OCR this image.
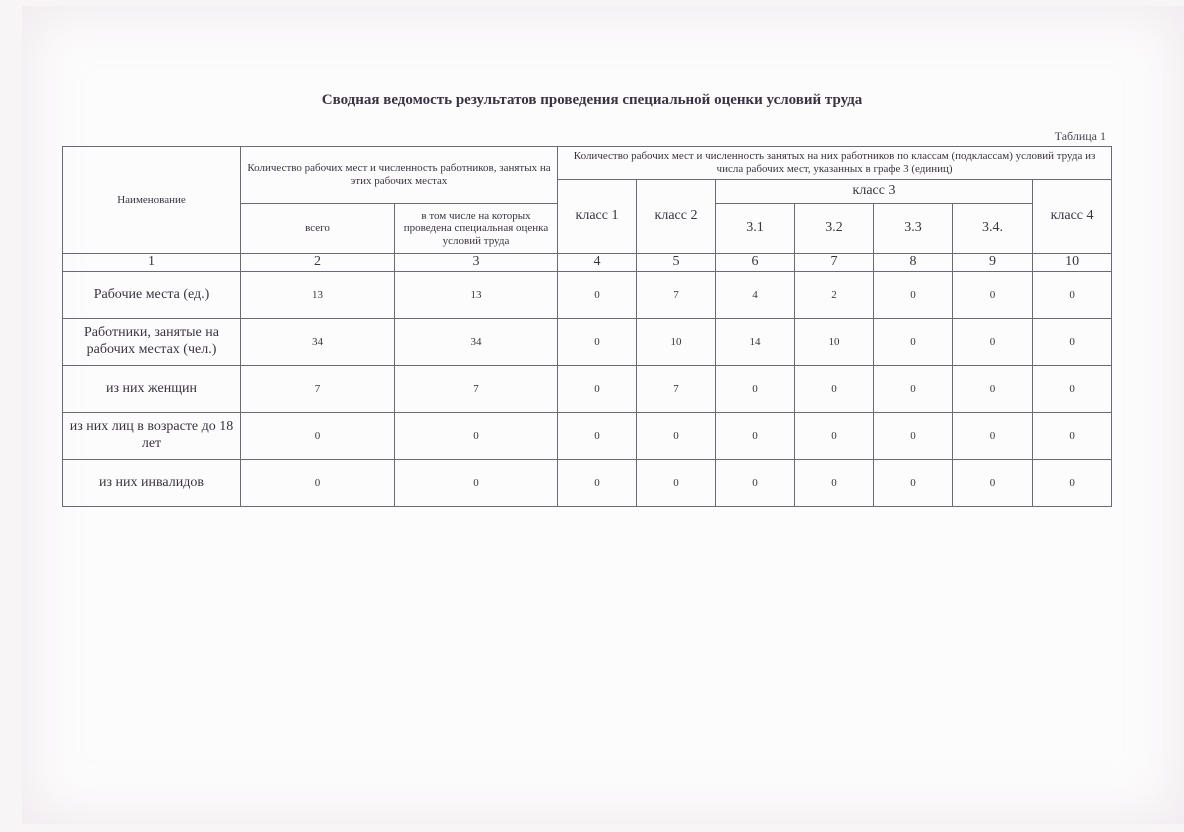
Сводная ведомость результатов проведения специальной оценки условий труда
Таблица 1
Наименование	Количество рабочих мест и численность работников, занятых на этих рабочих местах		Количество рабочих мест и численность занятых на них работников по классам (подклассам) условий труда из числа рабочих мест, указанных в графе 3 (единиц)						
			класс 1	класс 2	класс 3				класс 4
	всего	в том числе на которых проведена специальная оценка условий труда			3.1	3.2	3.3	3.4.	
1	2	3	4	5	6	7	8	9	10
Рабочие места (ед.)	13	13	0	7	4	2	0	0	0
Работники, занятые на рабочих местах (чел.)	34	34	0	10	14	10	0	0	0
из них женщин	7	7	0	7	0	0	0	0	0
из них лиц в возрасте до 18 лет	0	0	0	0	0	0	0	0	0
из них инвалидов	0	0	0	0	0	0	0	0	0
